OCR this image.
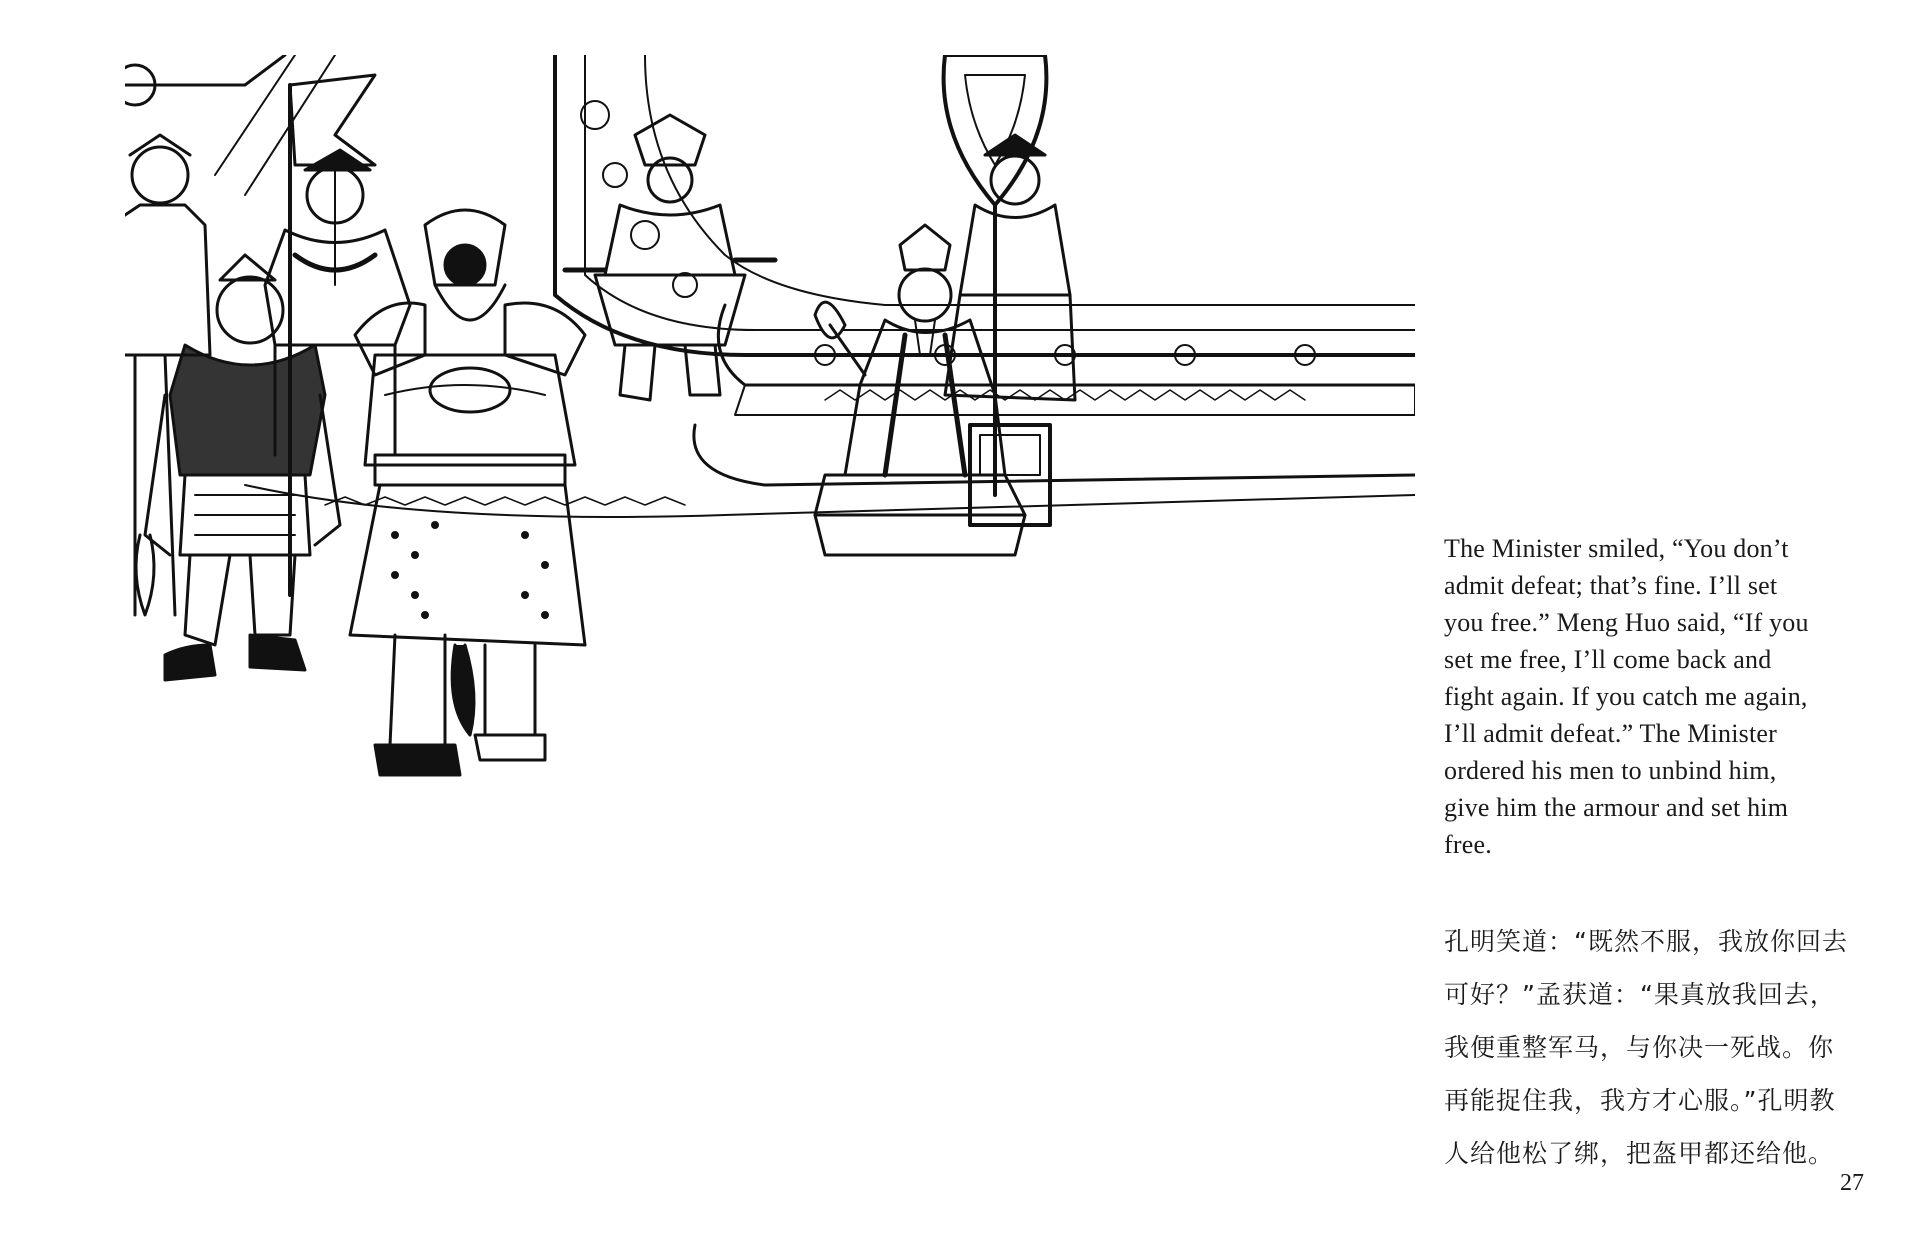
The Minister smiled, “You don’t
admit defeat; that’s fine. I’ll set
you free.” Meng Huo said, “If you
set me free, I’ll come back and
fight again. If you catch me again,
I’ll admit defeat.” The Minister
ordered his men to unbind him,
give him the armour and set him
free.

孔明笑道：“既然不服，我放你回去
可好？”孟获道：“果真放我回去，
我便重整军马，与你决一死战。你
再能捉住我，我方才心服。”孔明教
人给他松了绑，把盔甲都还给他。
27
